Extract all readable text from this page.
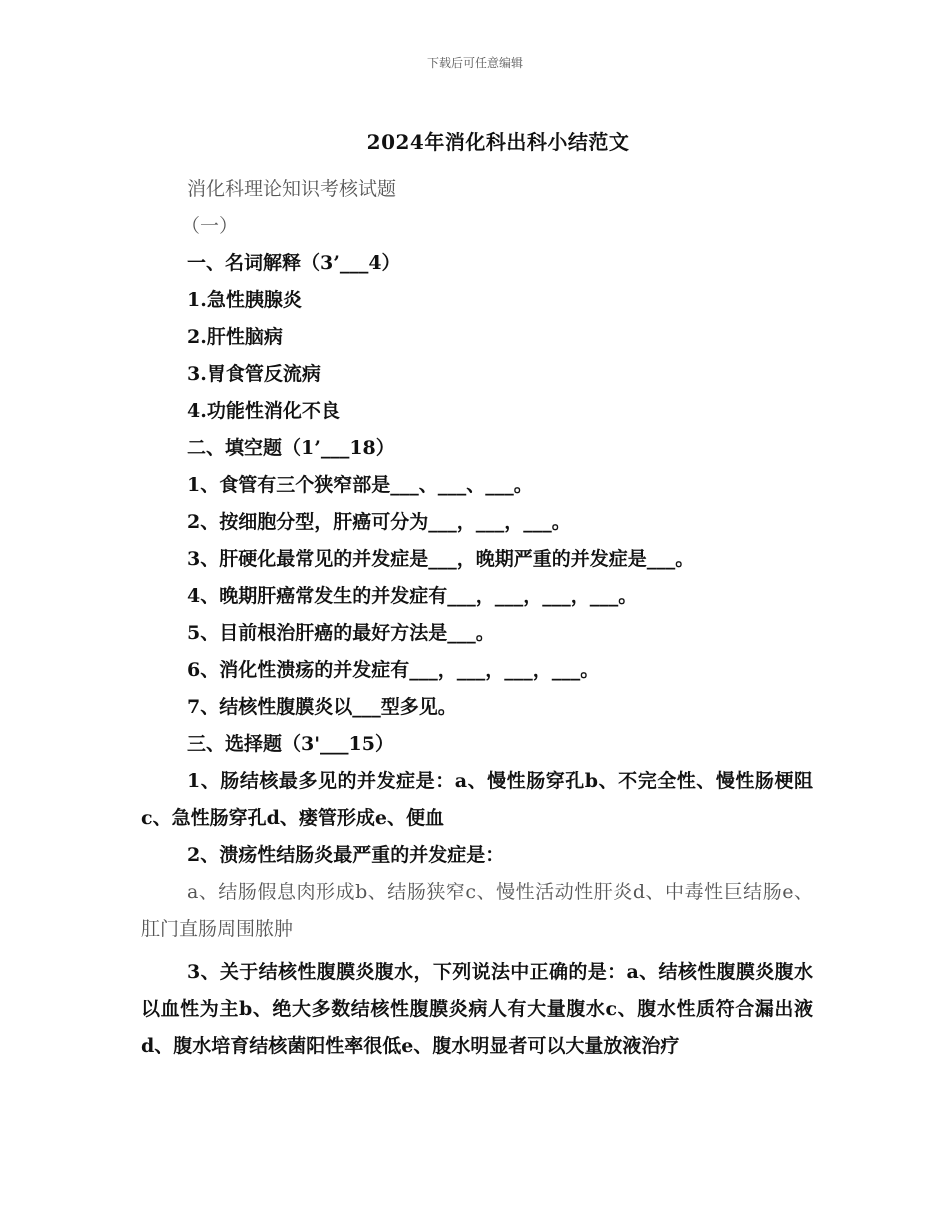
下载后可任意编辑
2024年消化科出科小结范文
消化科理论知识考核试题
（一）
一、名词解释（3’___4）
1.急性胰腺炎
2.肝性脑病
3.胃食管反流病
4.功能性消化不良
二、填空题（1’___18）
1、食管有三个狭窄部是___、___、___。
2、按细胞分型，肝癌可分为___，___，___。
3、肝硬化最常见的并发症是___，晚期严重的并发症是___。
4、晚期肝癌常发生的并发症有___，___，___，___。
5、目前根治肝癌的最好方法是___。
6、消化性溃疡的并发症有___，___，___，___。
7、结核性腹膜炎以___型多见。
三、选择题（3'___15）

1、肠结核最多见的并发症是：a、慢性肠穿孔b、不完全性、慢性肠梗阻c、急性肠穿孔d、瘘管形成e、便血

2、溃疡性结肠炎最严重的并发症是：

a、结肠假息肉形成b、结肠狭窄c、慢性活动性肝炎d、中毒性巨结肠e、肛门直肠周围脓肿

3、关于结核性腹膜炎腹水，下列说法中正确的是：a、结核性腹膜炎腹水以血性为主b、绝大多数结核性腹膜炎病人有大量腹水c、腹水性质符合漏出液d、腹水培育结核菌阳性率很低e、腹水明显者可以大量放液治疗
